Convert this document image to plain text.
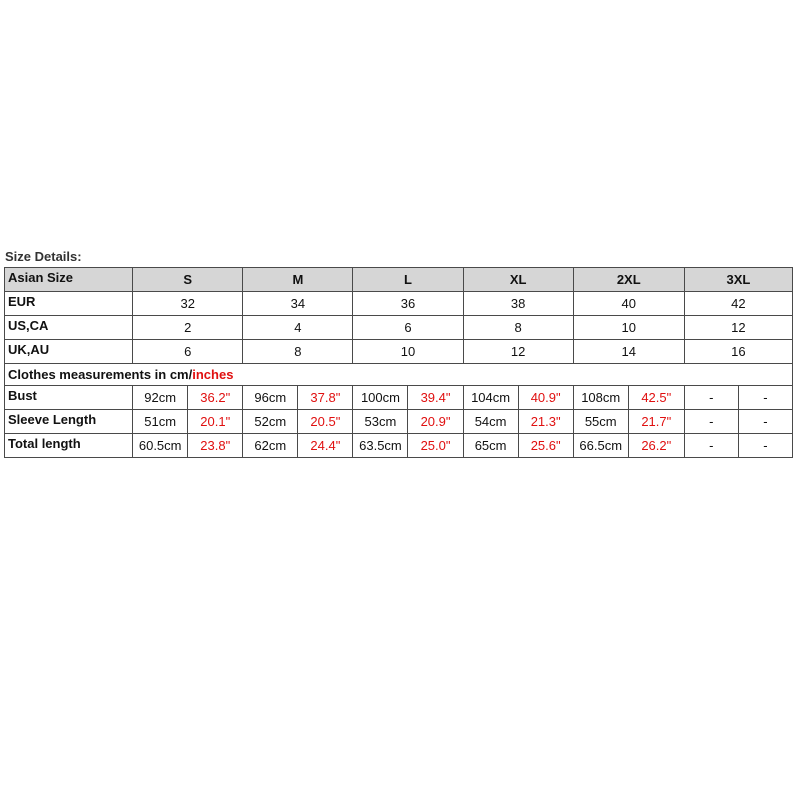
Size Details:
Asian Size	S		M		L		XL		2XL		3XL	
EUR	32		34		36		38		40		42	
US,CA	2		4		6		8		10		12	
UK,AU	6		8		10		12		14		16	
Clothes measurements in cm/inches												
Bust	92cm	36.2"	96cm	37.8"	100cm	39.4"	104cm	40.9"	108cm	42.5"	-	-
Sleeve Length	51cm	20.1"	52cm	20.5"	53cm	20.9"	54cm	21.3"	55cm	21.7"	-	-
Total length	60.5cm	23.8"	62cm	24.4"	63.5cm	25.0"	65cm	25.6"	66.5cm	26.2"	-	-
